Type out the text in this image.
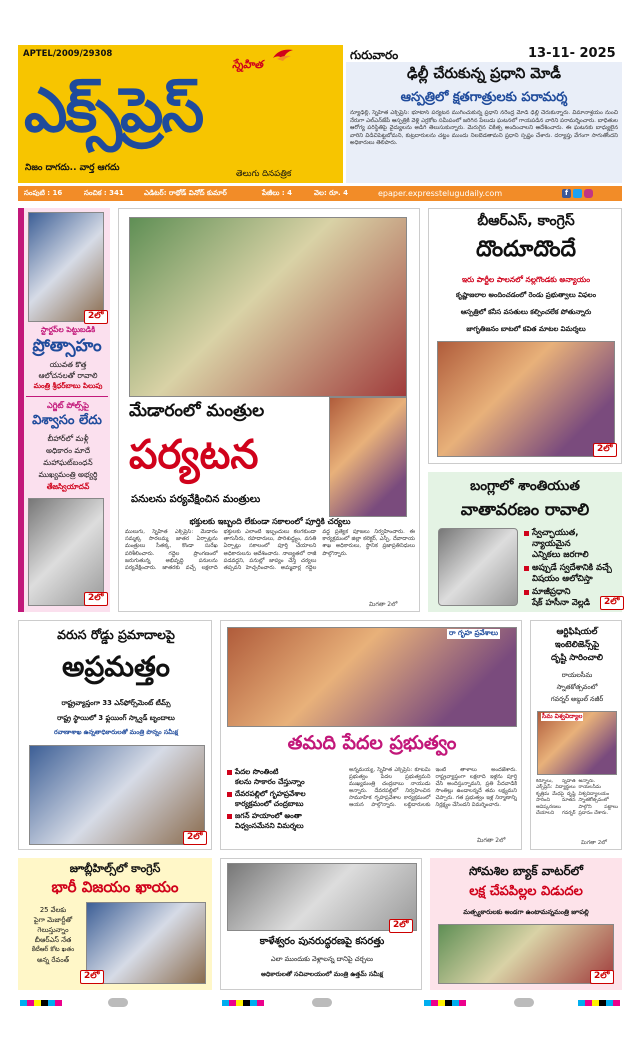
APTEL/2009/29308
స్నేహిత
ఎక్స్‌ప్రెస్
నిజం దాగదు.. వార్త ఆగదు
తెలుగు దినపత్రిక
గురువారం	13-11- 2025
ఢిల్లీ చేరుకున్న ప్రధాని మోడీ
ఆస్పత్రిలో క్షతగాత్రులకు పరామర్శ
న్యూఢిల్లీ, స్నేహిత ఎక్స్‌ప్రెస్: భూటాన్ పర్యటన ముగించుకున్న ప్రధాని నరేంద్ర మోడీ ఢిల్లీ చేరుకున్నారు. విమానాశ్రయం నుంచి నేరుగా ఎల్‌ఎన్‌జేపీ ఆస్పత్రికి వెళ్లి ఎర్రకోట సమీపంలో జరిగిన పేలుడు ఘటనలో గాయపడిన వారిని పరామర్శించారు. బాధితుల ఆరోగ్య పరిస్థితిపై వైద్యులను అడిగి తెలుసుకున్నారు. మెరుగైన చికిత్స అందించాలని ఆదేశించారు. ఈ ఘటనకు బాధ్యులైన వారిని విడిచిపెట్టబోమని, కుట్రదారులను చట్టం ముందు నిలబెడతామని ప్రధాని స్పష్టం చేశారు. దర్యాప్తు వేగంగా సాగుతోందని అధికారులు తెలిపారు.
సంపుటి : 16	సంచిక : 341	ఎడిటర్: రాథోడ్ వినోద్ కుమార్	పేజీలు : 4	వెల: రూ. 4	epaper.expresstelugudaily.com	f
2లో
స్టార్టప్‌ల పెట్టుబడికి
ప్రోత్సాహం
యువత కొత్త
ఆలోచనలతో రావాలి
మంత్రి శ్రీధర్‌బాబు పిలుపు
ఎగ్జిట్ పోల్స్‌పై
విశ్వాసం లేదు
బీహార్‌లో మళ్లీ
అధికారం మాదే
మహాఘట్‌బంధన్
ముఖ్యమంత్రి అభ్యర్థి
తేజస్వియాదవ్
2లో
మేడారంలో మంత్రుల
పర్యటన
పనులను పర్యవేక్షించిన మంత్రులు
భక్తులకు ఇబ్బంది లేకుండా సకాలంలో పూర్తికి చర్యలు
ములుగు, స్నేహిత ఎక్స్‌ప్రెస్: మేడారం సమ్మక్క సారలమ్మ జాతర ఏర్పాట్లను మంత్రులు సీతక్క, కొండా సురేఖ పరిశీలించారు. గద్దెల ప్రాంగణంలో జరుగుతున్న అభివృద్ధి పనులను పర్యవేక్షించారు. జాతరకు వచ్చే లక్షలాది భక్తులకు ఎలాంటి ఇబ్బందులు కలగకుండా తాగునీరు, రహదారులు, పారిశుద్ధ్యం, వసతి ఏర్పాట్లు సకాలంలో పూర్తి చేయాలని అధికారులను ఆదేశించారు. నాణ్యతలో రాజీ పడవద్దని, పనుల్లో జాప్యం చేస్తే చర్యలు తప్పవని హెచ్చరించారు. అమ్మవార్ల గద్దెల వద్ద ప్రత్యేక పూజలు నిర్వహించారు. ఈ కార్యక్రమంలో జిల్లా కలెక్టర్, ఎస్పీ, దేవాదాయ శాఖ అధికారులు, స్థానిక ప్రజాప్రతినిధులు పాల్గొన్నారు.
మిగతా 2లో
బీఆర్ఎస్, కాంగ్రెస్
దొందూదొందే
ఇరు పార్టీల పాలనలో నల్లగొండకు అన్యాయం
కృష్ణాజలాల అందించడంలో రెండు ప్రభుత్వాలు విఫలం
ఆస్పత్రిలో కనీస వసతులు కల్పించలేక పోతున్నారు
జాగృతిజనం బాటలో కవిత మాటల విమర్శలు
2లో
బంగ్లాలో శాంతియుత
వాతావరణం రావాలి
స్వేచ్ఛాయుత, న్యాయమైన
ఎన్నికలు జరగాలి
అప్పుడే స్వదేశానికి వచ్చే
విషయం ఆలోచిస్తా
మాజీప్రధాని
షేక్ హసీనా వెల్లడి	2లో
వరుస రోడ్డు ప్రమాదాలపై
అప్రమత్తం
రాష్ట్రవ్యాప్తంగా 33 ఎన్‌ఫోర్స్‌మెంట్ టీమ్స్
రాష్ట్ర స్థాయిలో 3 ఫ్లయింగ్ స్క్వాడ్ బృందాలు
రవాణాశాఖ ఉన్నతాధికారులతో మంత్రి పొన్నం సమీక్ష
2లో
రా గృహ ప్రవేశాలు
తమది పేదల ప్రభుత్వం
పేదల సొంతింటి
కలను సాకారం చేస్తున్నాం
దేవరపల్లిలో గృహప్రవేశాల
కార్యక్రమంలో చంద్రబాబు
జగన్ హయాంలో అంతా
విధ్వంసమేనని విమర్శలు
అన్నమయ్య, స్నేహిత ఎక్స్‌ప్రెస్: కూటమి ప్రభుత్వం పేదల ప్రభుత్వమని ముఖ్యమంత్రి చంద్రబాబు నాయుడు అన్నారు. దేవరపల్లిలో నిర్వహించిన సామూహిక గృహప్రవేశాల కార్యక్రమంలో ఆయన పాల్గొన్నారు. లబ్ధిదారులకు ఇంటి తాళాలు అందజేశారు. రాష్ట్రవ్యాప్తంగా లక్షలాది ఇళ్లను పూర్తి చేసి అందిస్తున్నామని, ప్రతి పేదవాడికి సొంతిల్లు ఉండాలన్నదే తమ లక్ష్యమని చెప్పారు. గత ప్రభుత్వం ఇళ్ల నిర్మాణాన్ని నిర్లక్ష్యం చేసిందని విమర్శించారు.
మిగతా 2లో
ఆర్టిఫిషియల్
ఇంటెలిజెన్స్‌పై
దృష్టి సారించాలి
రాయలసీమ
స్నాతకోత్సవంలో
గవర్నర్ అబ్దుల్ నజీర్
సీమ విశ్వవిద్యాల
కర్నూలు, స్నేహిత ఎక్స్‌ప్రెస్: విద్యార్థులు కృత్రిమ మేధపై దృష్టి సారించి నూతన ఆవిష్కరణలు చేయాలని గవర్నర్ అన్నారు. రాయలసీమ విశ్వవిద్యాలయం స్నాతకోత్సవంలో పాల్గొని పట్టాలు ప్రదానం చేశారు.
మిగతా 2లో
జూబ్లీహిల్స్‌లో కాంగ్రెస్
భారీ విజయం ఖాయం
25 వేలకు
పైగా మెజార్టీతో
గెలుస్తున్నాం
బీఆర్ఎస్ నేత
కేటీఆర్ కోట ఖతం
అన్న రేవంత్
2లో
2లో
కాళేశ్వరం పునరుద్ధరణపై కసరత్తు
ఎలా ముందుకు వెళ్లాలన్న దానిపై చర్చలు
అధికారులతో సచివాలయంలో మంత్రి ఉత్తమ్ సమీక్ష
సోమశిల బ్యాక్ వాటర్‌లో
లక్ష చేపపిల్లల విడుదల
మత్స్యకారులకు అండగా ఉంటామన్నమంత్రి జూపల్లి
2లో
